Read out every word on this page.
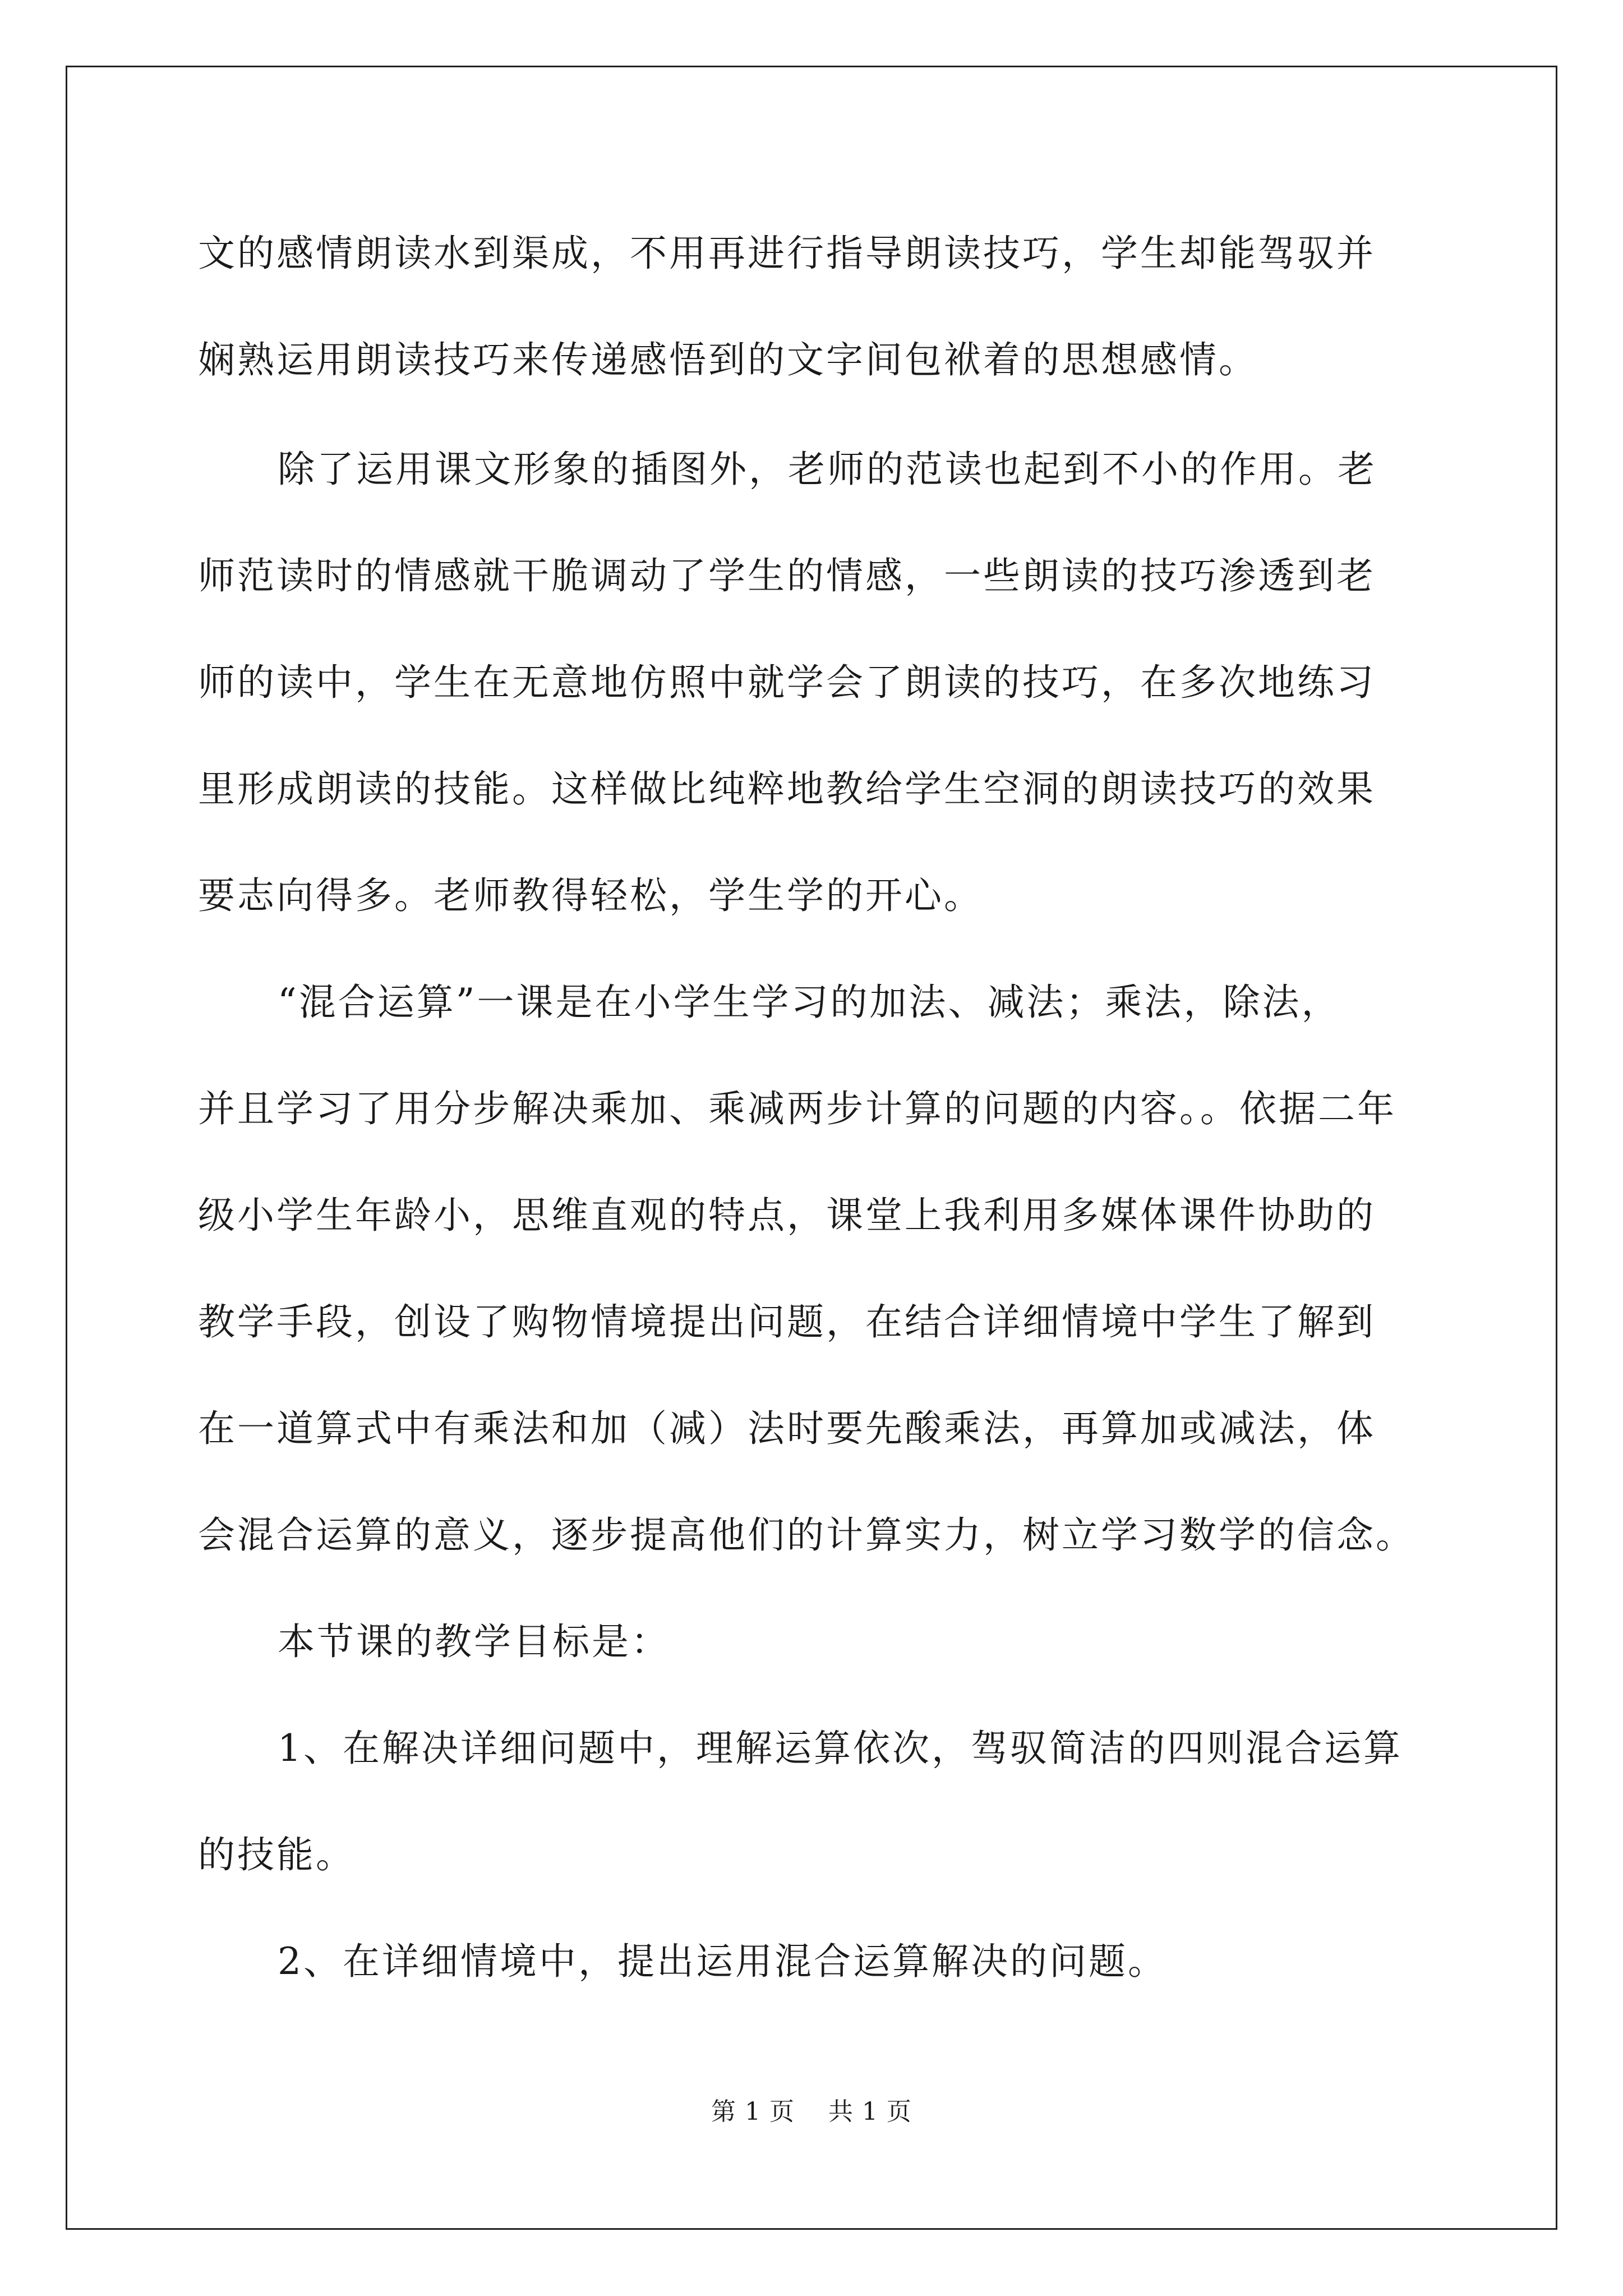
文的感情朗读水到渠成，不用再进行指导朗读技巧，学生却能驾驭并
娴熟运用朗读技巧来传递感悟到的文字间包袱着的思想感情。
除了运用课文形象的插图外，老师的范读也起到不小的作用。老
师范读时的情感就干脆调动了学生的情感，一些朗读的技巧渗透到老
师的读中，学生在无意地仿照中就学会了朗读的技巧，在多次地练习
里形成朗读的技能。这样做比纯粹地教给学生空洞的朗读技巧的效果
要志向得多。老师教得轻松，学生学的开心。
“混合运算”一课是在小学生学习的加法、减法；乘法，除法，
并且学习了用分步解决乘加、乘减两步计算的问题的内容。。依据二年
级小学生年龄小，思维直观的特点，课堂上我利用多媒体课件协助的
教学手段，创设了购物情境提出问题，在结合详细情境中学生了解到
在一道算式中有乘法和加（减）法时要先酸乘法，再算加或减法，体
会混合运算的意义，逐步提高他们的计算实力，树立学习数学的信念。
本节课的教学目标是：
1、在解决详细问题中，理解运算依次，驾驭简洁的四则混合运算
的技能。
2、在详细情境中，提出运用混合运算解决的问题。
第 1 页 共 1 页
